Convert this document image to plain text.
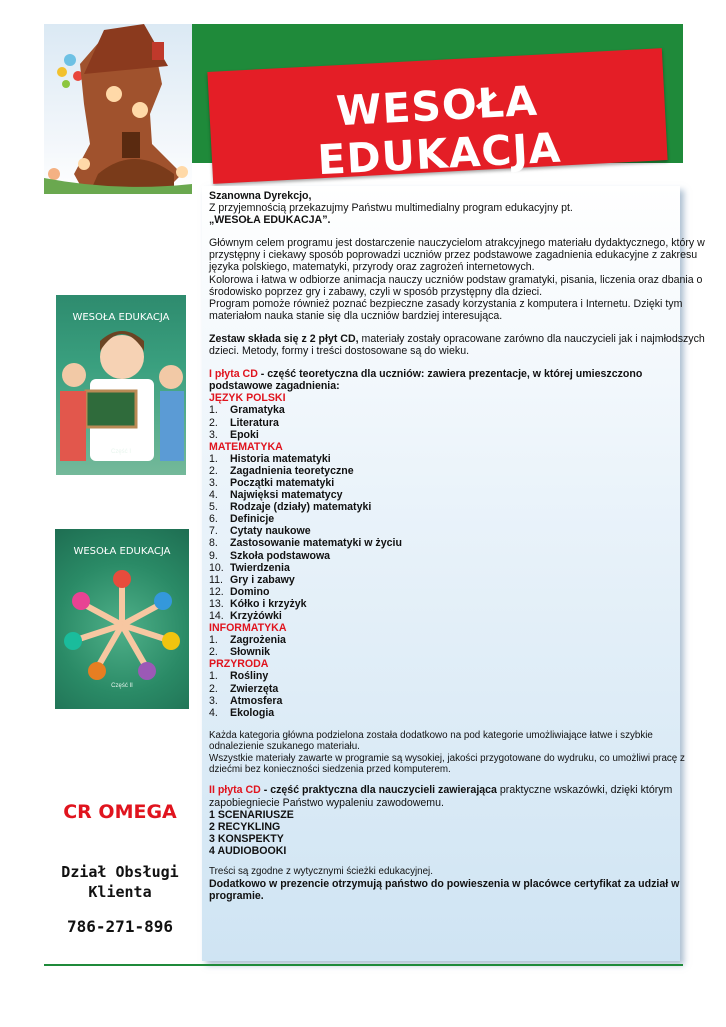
WESOŁA EDUKACJA
WESOŁA EDUKACJA
Część I
WESOŁA EDUKACJA
Część II
CR OMEGA
Dział Obsługi
Klienta
786-271-896

Szanowna Dyrekcjo,

Z przyjemnością przekazujmy Państwu multimedialny program edukacyjny pt.

„WESOŁA EDUKACJA”.

Głównym celem programu jest dostarczenie nauczycielom atrakcyjnego materiału dydaktycznego, który w przystępny i ciekawy sposób poprowadzi uczniów przez podstawowe zagadnienia edukacyjne z zakresu języka polskiego, matematyki, przyrody oraz zagrożeń internetowych.

Kolorowa i łatwa w odbiorze animacja nauczy uczniów podstaw gramatyki, pisania, liczenia oraz dbania o środowisko poprzez gry i zabawy, czyli w sposób przystępny dla dzieci.

Program pomoże również poznać bezpieczne zasady korzystania z komputera i Internetu. Dzięki tym materiałom nauka stanie się dla uczniów bardziej interesująca.

Zestaw składa się z 2 płyt CD, materiały zostały opracowane zarówno dla nauczycieli jak i najmłodszych dzieci. Metody, formy i treści dostosowane są do wieku.

I płyta CD - część teoretyczna dla uczniów: zawiera prezentacje, w której umieszczono podstawowe zagadnienia:

JĘZYK POLSKI

1.	Gramatyka
2.	Literatura
3.	Epoki

MATEMATYKA

1.	Historia matematyki
2.	Zagadnienia teoretyczne
3.	Początki matematyki
4.	Najwięksi matematycy
5.	Rodzaje (działy) matematyki
6.	Definicje
7.	Cytaty naukowe
8.	Zastosowanie matematyki w życiu
9.	Szkoła podstawowa
10. Twierdzenia
11. Gry i zabawy
12. Domino
13. Kółko i krzyżyk
14. Krzyżówki

INFORMATYKA

1.	Zagrożenia
2.	Słownik

PRZYRODA

1.	Rośliny
2.	Zwierzęta
3.	Atmosfera
4.	Ekologia

Każda kategoria główna podzielona została dodatkowo na pod kategorie umożliwiające łatwe i szybkie odnalezienie szukanego materiału.

Wszystkie materiały zawarte w programie są wysokiej, jakości przygotowane do wydruku, co umożliwi pracę z dziećmi bez konieczności siedzenia przed komputerem.

II płyta CD - część praktyczna dla nauczycieli zawierająca praktyczne wskazówki, dzięki którym zapobiegniecie Państwo wypaleniu zawodowemu.

1 SCENARIUSZE

2 RECYKLING

3 KONSPEKTY

4 AUDIOBOOKI

Treści są zgodne z wytycznymi ścieżki edukacyjnej.

Dodatkowo w prezencie otrzymują państwo do powieszenia w placówce certyfikat za udział w programie.
